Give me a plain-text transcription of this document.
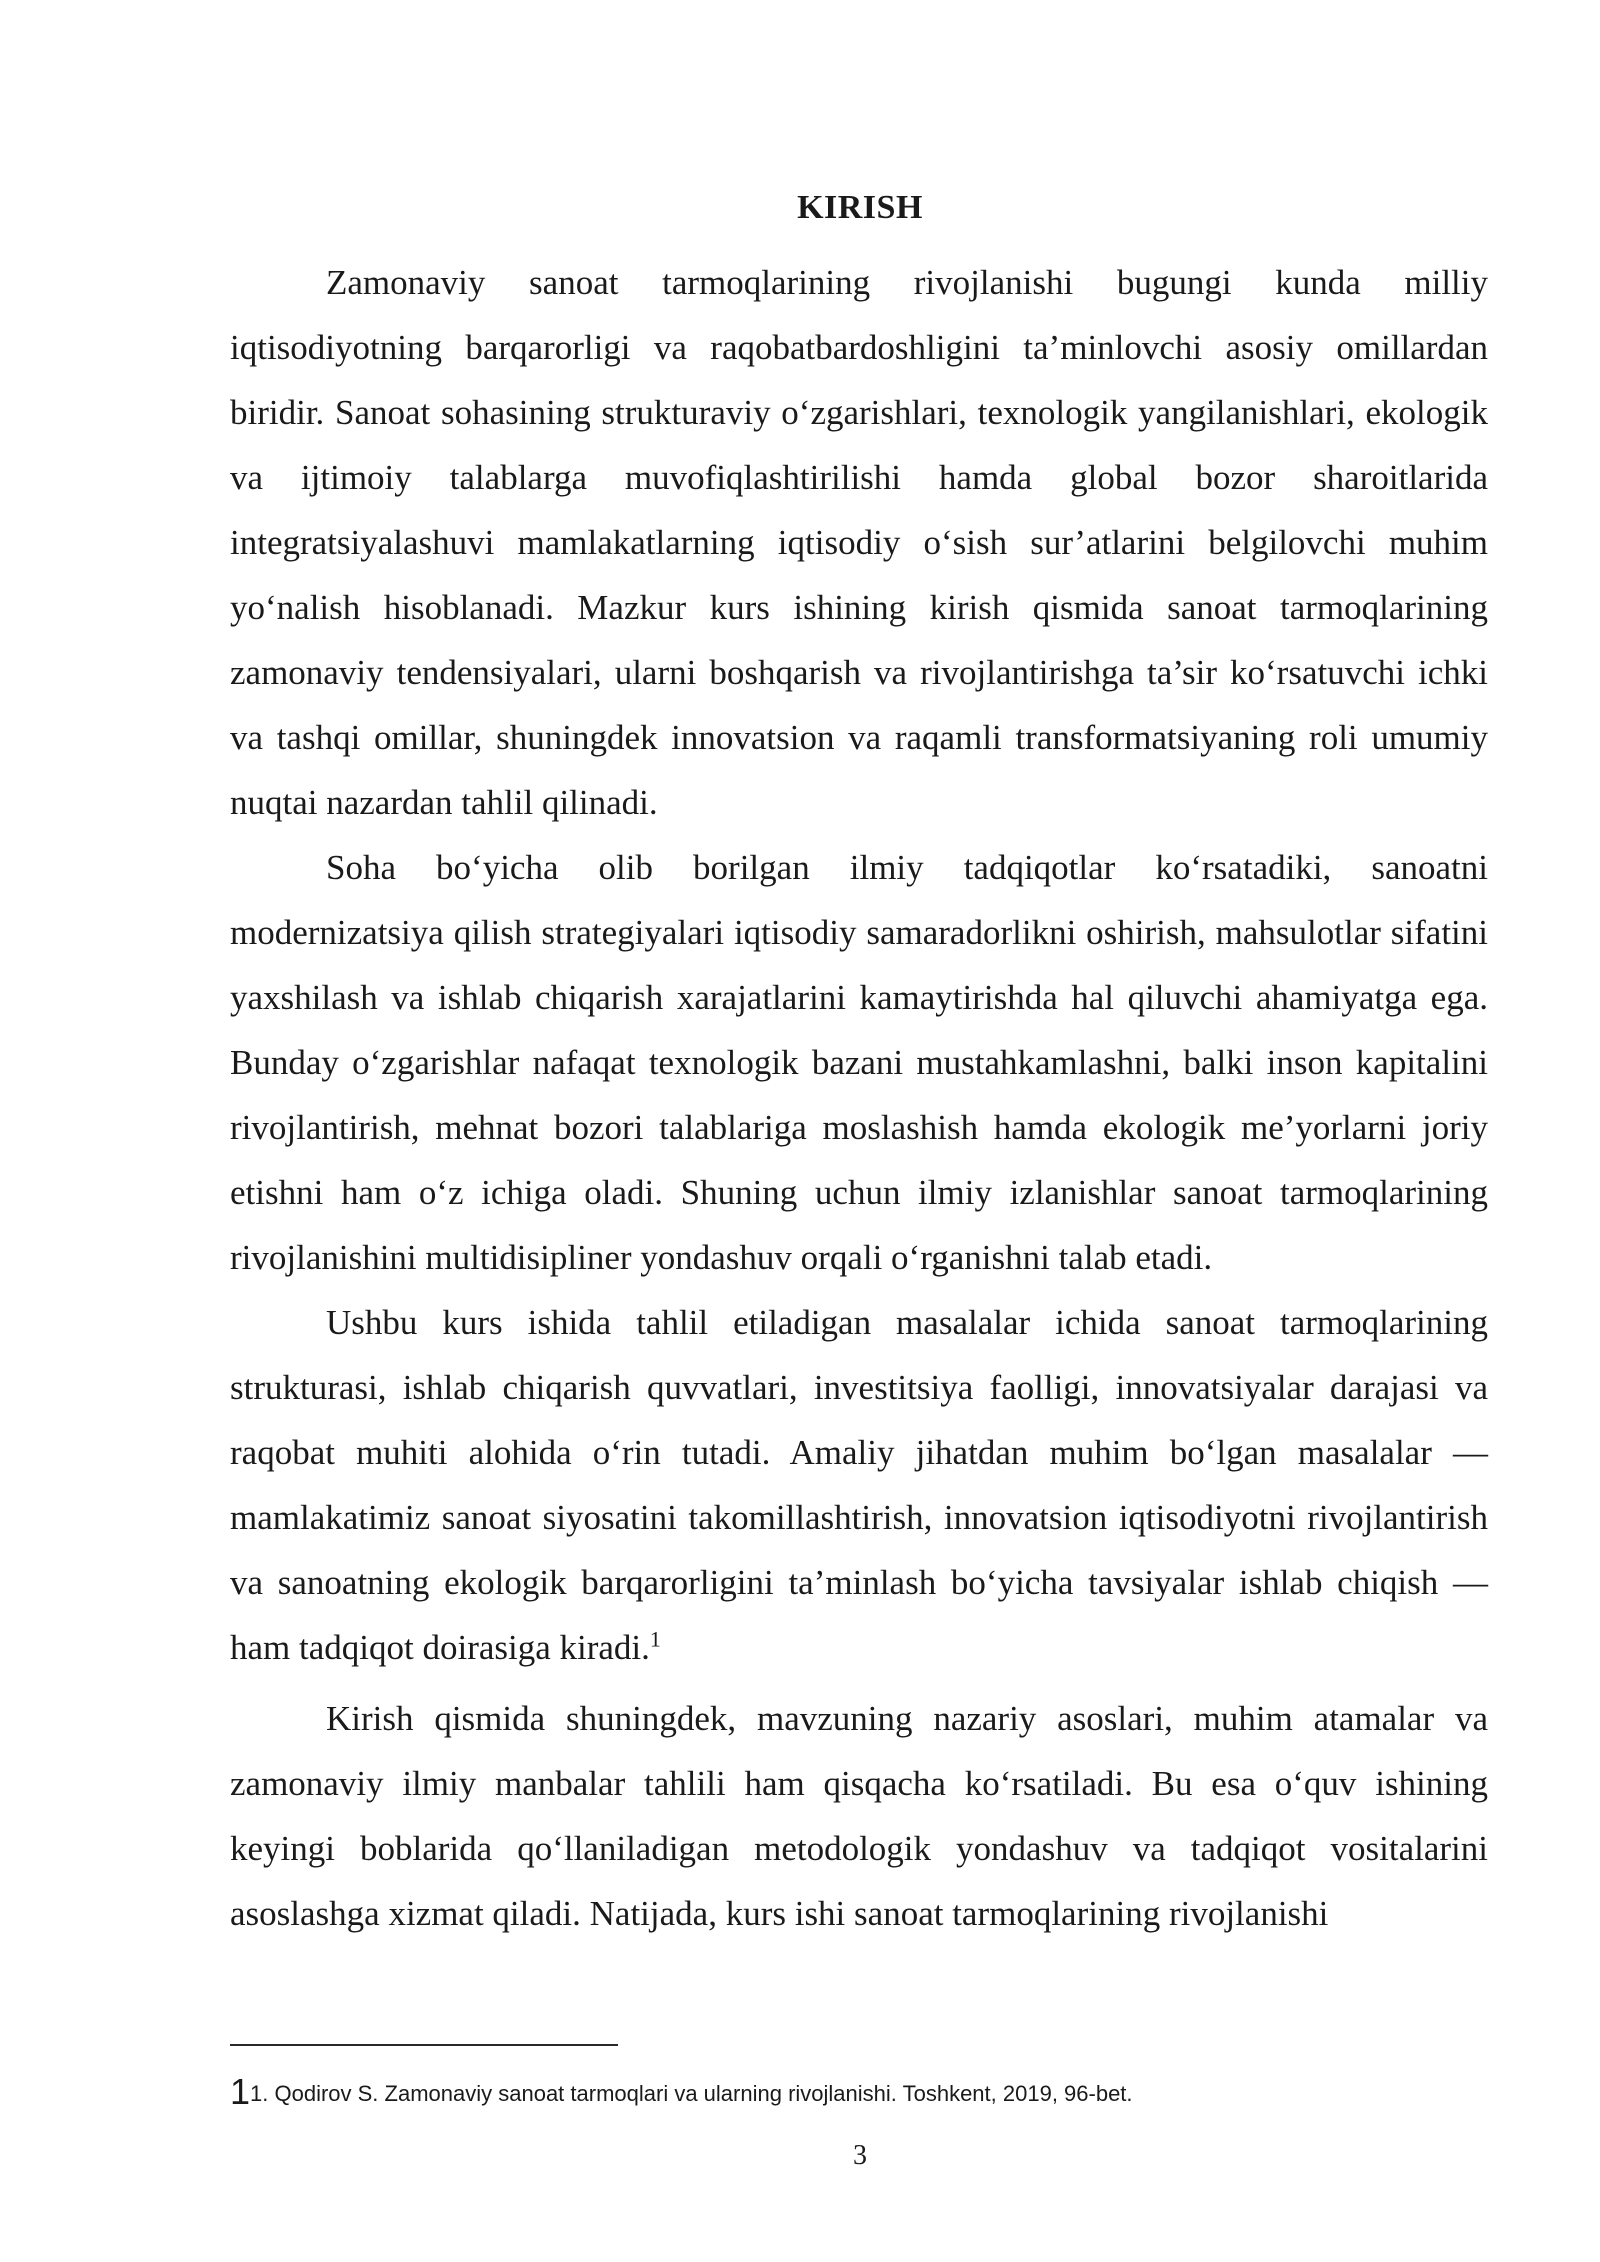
KIRISH

Zamonaviy sanoat tarmoqlarining rivojlanishi bugungi kunda milliy iqtisodiyotning barqarorligi va raqobatbardoshligini ta’minlovchi asosiy omillardan biridir. Sanoat sohasining strukturaviy o‘zgarishlari, texnologik yangilanishlari, ekologik va ijtimoiy talablarga muvofiqlashtirilishi hamda global bozor sharoitlarida integratsiyalashuvi mamlakatlarning iqtisodiy o‘sish sur’atlarini belgilovchi muhim yo‘nalish hisoblanadi. Mazkur kurs ishining kirish qismida sanoat tarmoqlarining zamonaviy tendensiyalari, ularni boshqarish va rivojlantirishga ta’sir ko‘rsatuvchi ichki va tashqi omillar, shuningdek innovatsion va raqamli transformatsiyaning roli umumiy nuqtai nazardan tahlil qilinadi.

Soha bo‘yicha olib borilgan ilmiy tadqiqotlar ko‘rsatadiki, sanoatni modernizatsiya qilish strategiyalari iqtisodiy samaradorlikni oshirish, mahsulotlar sifatini yaxshilash va ishlab chiqarish xarajatlarini kamaytirishda hal qiluvchi ahamiyatga ega. Bunday o‘zgarishlar nafaqat texnologik bazani mustahkamlashni, balki inson kapitalini rivojlantirish, mehnat bozori talablariga moslashish hamda ekologik me’yorlarni joriy etishni ham o‘z ichiga oladi. Shuning uchun ilmiy izlanishlar sanoat tarmoqlarining rivojlanishini multidisipliner yondashuv orqali o‘rganishni talab etadi.

Ushbu kurs ishida tahlil etiladigan masalalar ichida sanoat tarmoqlarining strukturasi, ishlab chiqarish quvvatlari, investitsiya faolligi, innovatsiyalar darajasi va raqobat muhiti alohida o‘rin tutadi. Amaliy jihatdan muhim bo‘lgan masalalar — mamlakatimiz sanoat siyosatini takomillashtirish, innovatsion iqtisodiyotni rivojlantirish va sanoatning ekologik barqarorligini ta’minlash bo‘yicha tavsiyalar ishlab chiqish — ham tadqiqot doirasiga kiradi.$^1$

Kirish qismida shuningdek, mavzuning nazariy asoslari, muhim atamalar va zamonaviy ilmiy manbalar tahlili ham qisqacha ko‘rsatiladi. Bu esa o‘quv ishining keyingi boblarida qo‘llaniladigan metodologik yondashuv va tadqiqot vositalarini asoslashga xizmat qiladi. Natijada, kurs ishi sanoat tarmoqlarining rivojlanishi

11. Qodirov S. Zamonaviy sanoat tarmoqlari va ularning rivojlanishi. Toshkent, 2019, 96-bet.
3
